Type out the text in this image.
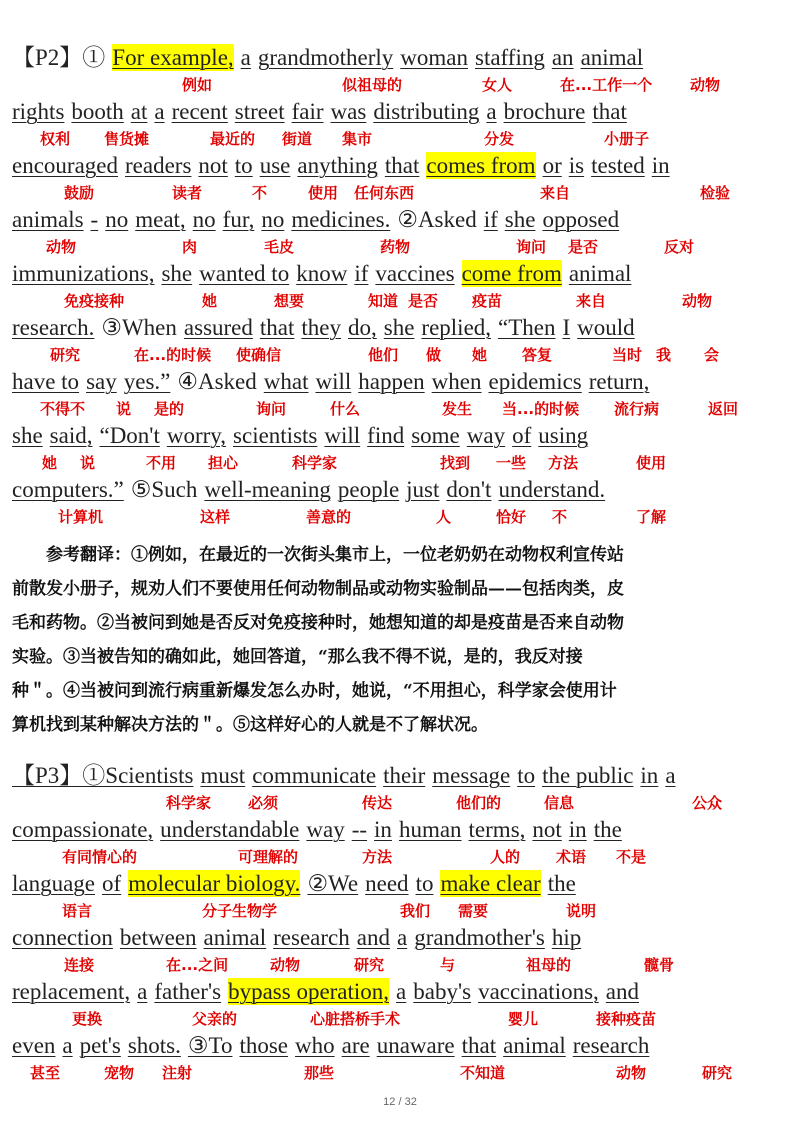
【P2】① For example, a grandmotherly woman staffing an animal
例如	似祖母的	女人	在...工作一个	动物
rights booth at a recent street fair was distributing a brochure that
权利 售货摊	最近的 街道 集市	分发	小册子
encouraged readers not to use anything that comes from or is tested in
鼓励	读者	不	使用 任何东西	来自	检验
animals - no meat, no fur, no medicines. ②Asked if she opposed
动物	肉	毛皮	药物	询问 是否	反对
immunizations, she wanted to know if vaccines come from animal
免疫接种	她	想要	知道 是否 疫苗	来自	动物
research. ③When assured that they do, she replied, “Then I would
研究	在...的时候 使确信	他们 做 她 答复	当时 我 会
have to say yes.” ④Asked what will happen when epidemics return,
不得不 说 是的	询问	什么	发生 当...的时候 流行病	返回
she said, “Don't worry, scientists will find some way of using
她 说	不用 担心	科学家	找到 一些 方法	使用
computers.” ⑤Such well-meaning people just don't understand.
计算机	这样	善意的	人	恰好 不	了解
参考翻译：①例如，在最近的一次街头集市上，一位老奶奶在动物权利宣传站
前散发小册子，规劝人们不要使用任何动物制品或动物实验制品——包括肉类，皮
毛和药物。②当被问到她是否反对免疫接种时，她想知道的却是疫苗是否来自动物
实验。③当被告知的确如此，她回答道，“那么我不得不说，是的，我反对接
种＂。④当被问到流行病重新爆发怎么办时，她说，“不用担心，科学家会使用计
算机找到某种解决方法的＂。⑤这样好心的人就是不了解状况。
【P3】①Scientists must communicate their message to the public in a
科学家 必须	传达	他们的	信息	公众
compassionate, understandable way -- in human terms, not in the
有同情心的	可理解的	方法	人的 术语 不是
language of molecular biology. ②We need to make clear the
语言	分子生物学	我们 需要	说明
connection between animal research and a grandmother's hip
连接	在...之间	动物	研究	与	祖母的	髋骨
replacement, a father's bypass operation, a baby's vaccinations, and
更换	父亲的	心脏搭桥手术	婴儿	接种疫苗
even a pet's shots. ③To those who are unaware that animal research
甚至	宠物 注射	那些	不知道	动物	研究
12 / 32
